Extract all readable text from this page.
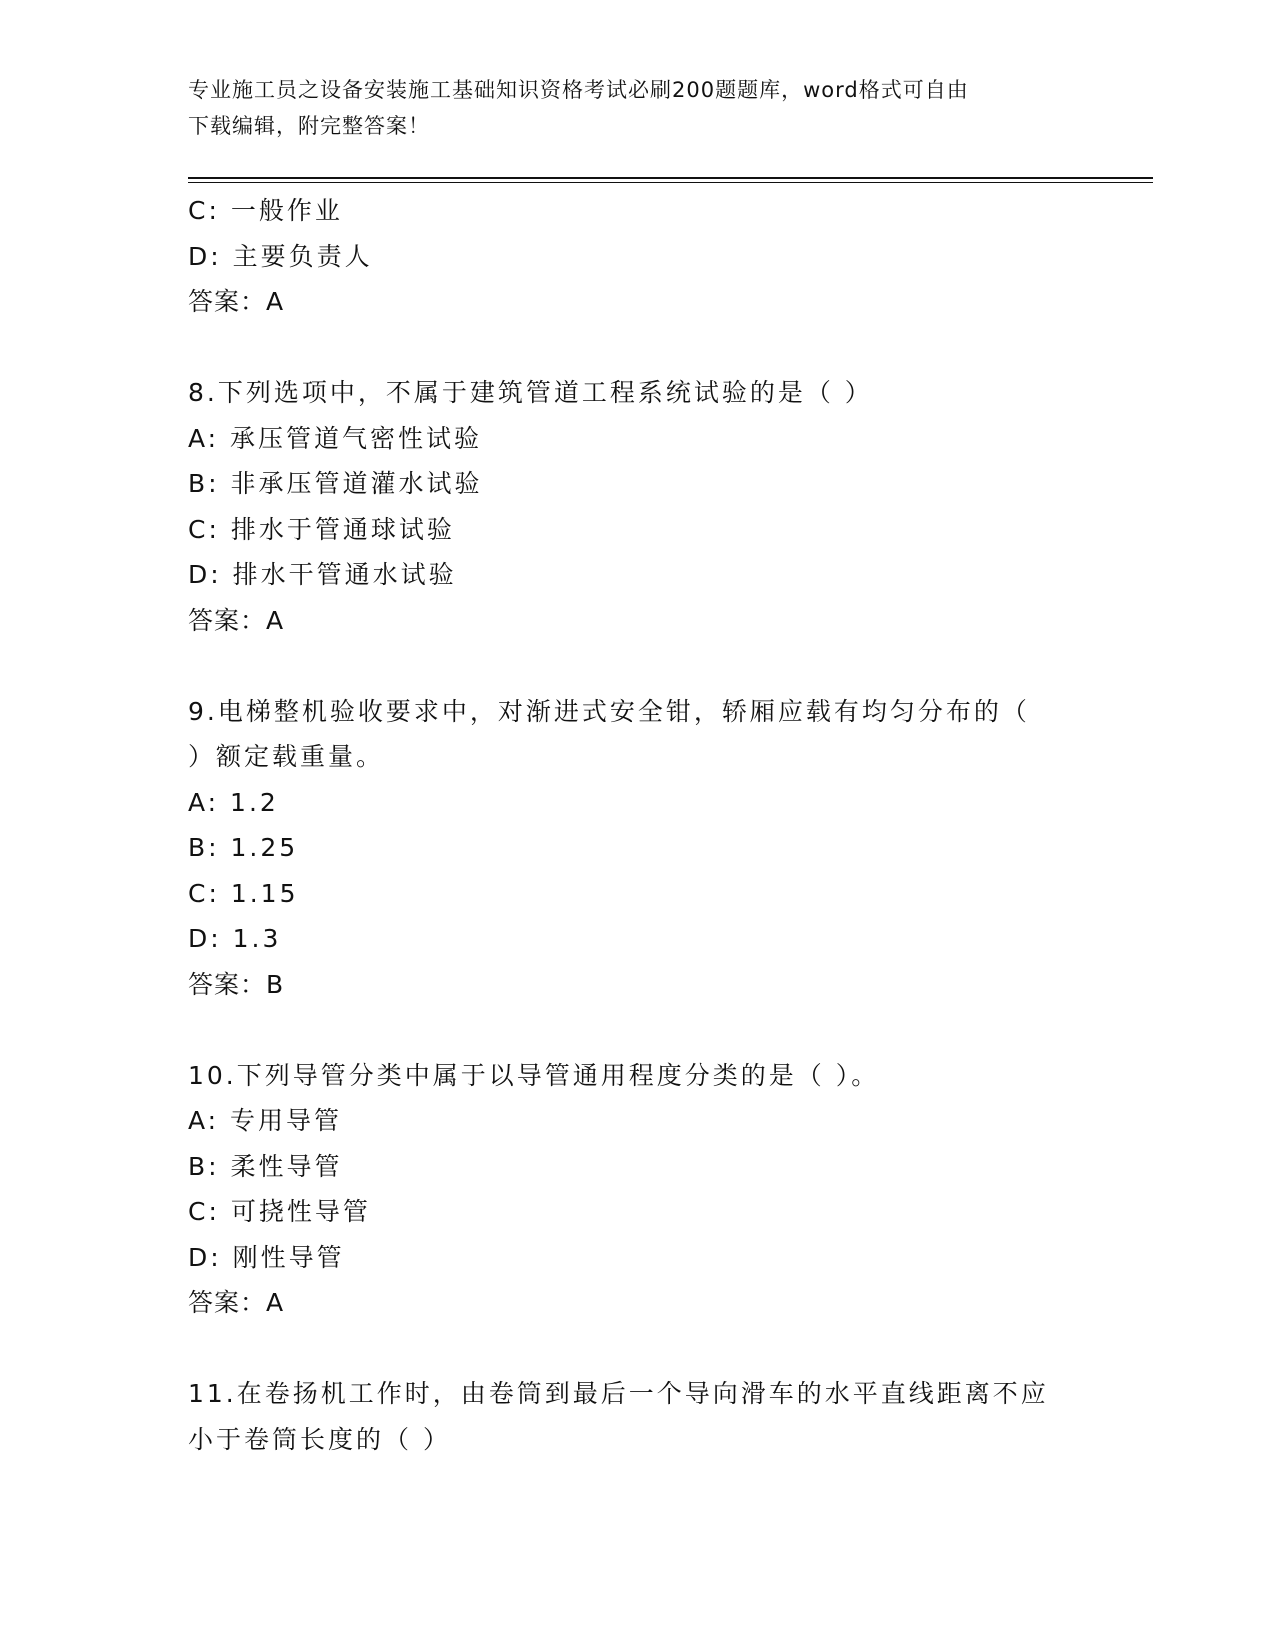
专业施工员之设备安装施工基础知识资格考试必刷200题题库，word格式可自由
下载编辑，附完整答案！
C: 一般作业
D: 主要负责人
答案：A
8.下列选项中，不属于建筑管道工程系统试验的是（ ）
A: 承压管道气密性试验
B: 非承压管道灌水试验
C: 排水于管通球试验
D: 排水干管通水试验
答案：A
9.电梯整机验收要求中，对渐进式安全钳，轿厢应载有均匀分布的（
）额定载重量。
A: 1.2
B: 1.25
C: 1.15
D: 1.3
答案：B
10.下列导管分类中属于以导管通用程度分类的是（ ）。
A: 专用导管
B: 柔性导管
C: 可挠性导管
D: 刚性导管
答案：A
11.在卷扬机工作时，由卷筒到最后一个导向滑车的水平直线距离不应
小于卷筒长度的（ ）
